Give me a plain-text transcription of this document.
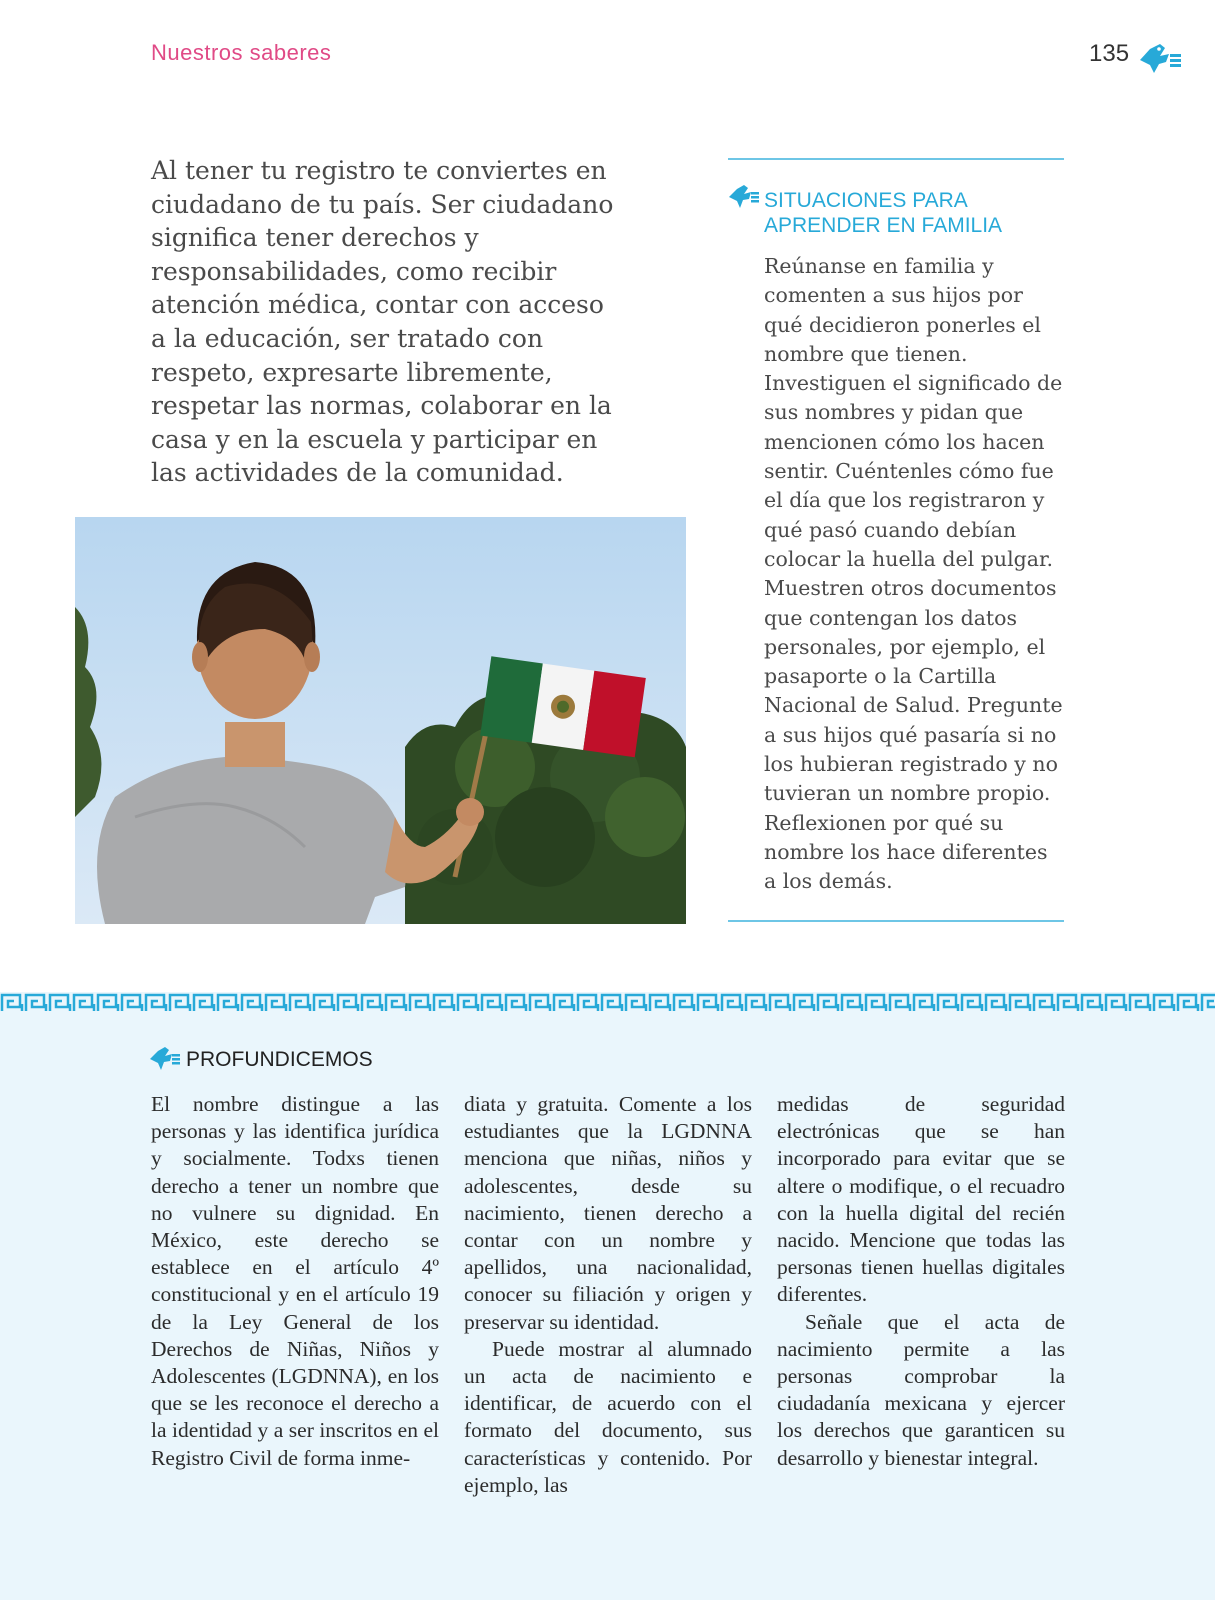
Nuestros saberes	135
Al tener tu registro te conviertes en ciudadano de tu país. Ser ciudadano significa tener derechos y responsabilidades, como recibir atención médica, contar con acceso a la educación, ser tratado con respeto, expresarte libremente, respetar las normas, colaborar en la casa y en la escuela y participar en las actividades de la comunidad.
SITUACIONES PARA APRENDER EN FAMILIA
Reúnanse en familia y comenten a sus hijos por qué decidieron ponerles el nombre que tienen. Investiguen el significado de sus nombres y pidan que mencionen cómo los hacen sentir. Cuéntenles cómo fue el día que los registraron y qué pasó cuando debían colocar la huella del pulgar. Muestren otros documentos que contengan los datos personales, por ejemplo, el pasaporte o la Cartilla Nacional de Salud. Pregunte a sus hijos qué pasaría si no los hubieran registrado y no tuvieran un nombre propio. Reflexionen por qué su nombre los hace diferentes a los demás.
PROFUNDICEMOS

El nombre distingue a las personas y las identifica jurídica y socialmente. Todxs tienen derecho a tener un nombre que no vulnere su dignidad. En México, este derecho se establece en el artículo 4º constitucional y en el artículo 19 de la Ley General de los Derechos de Niñas, Niños y Adolescentes (LGDNNA), en los que se les reconoce el derecho a la identidad y a ser inscritos en el Registro Civil de forma inme-

diata y gratuita. Comente a los estudiantes que la LGDNNA menciona que niñas, niños y adolescentes, desde su nacimiento, tienen derecho a contar con un nombre y apellidos, una nacionalidad, conocer su filiación y origen y preservar su identidad.

Puede mostrar al alumnado un acta de nacimiento e identificar, de acuerdo con el formato del documento, sus características y contenido. Por ejemplo, las

medidas de seguridad electrónicas que se han incorporado para evitar que se altere o modifique, o el recuadro con la huella digital del recién nacido. Mencione que todas las personas tienen huellas digitales diferentes.

Señale que el acta de nacimiento permite a las personas comprobar la ciudadanía mexicana y ejercer los derechos que garanticen su desarrollo y bienestar integral.
